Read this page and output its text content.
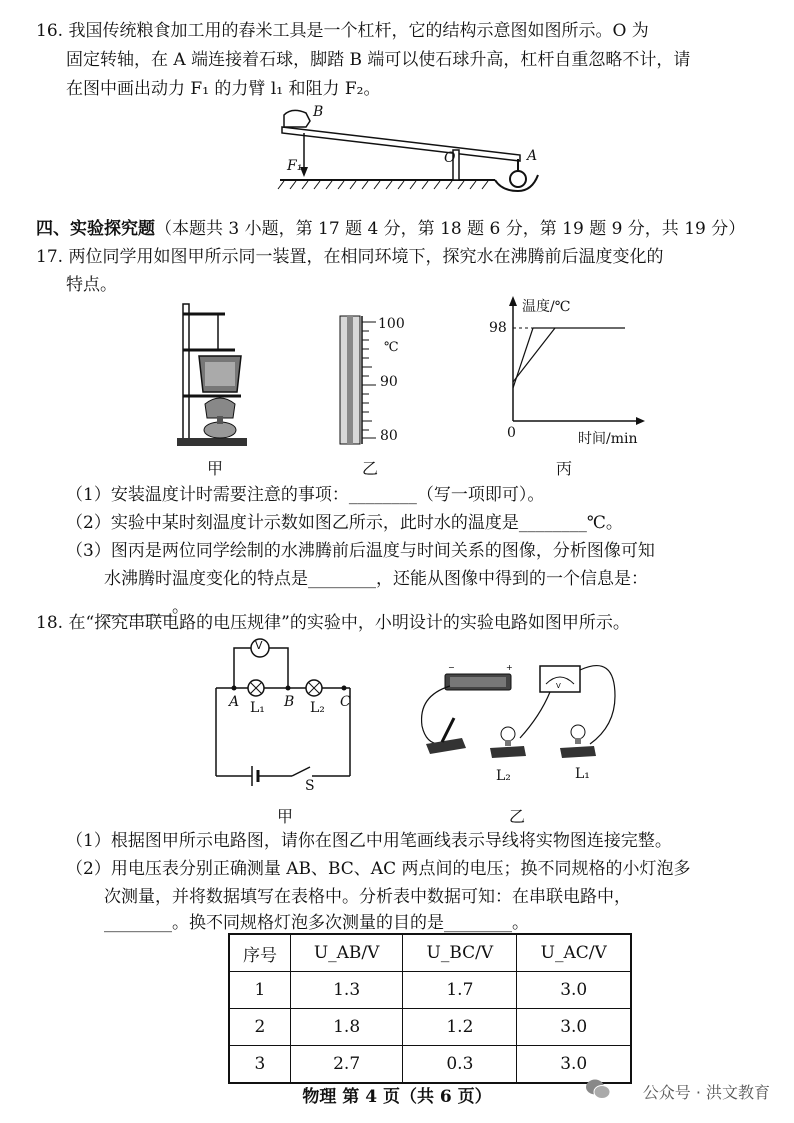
16. 我国传统粮食加工用的舂米工具是一个杠杆，它的结构示意图如图所示。O 为
固定转轴，在 A 端连接着石球，脚踏 B 端可以使石球升高，杠杆自重忽略不计，请
在图中画出动力 F₁ 的力臂 l₁ 和阻力 F₂。
B
O	A
F₁
四、实验探究题（本题共 3 小题，第 17 题 4 分，第 18 题 6 分，第 19 题 9 分，共 19 分）
17. 两位同学用如图甲所示同一装置，在相同环境下，探究水在沸腾前后温度变化的
特点。
100
℃
90
80
温度/℃
98
0	时间/min
甲	乙	丙
（1）安装温度计时需要注意的事项：________（写一项即可）。
（2）实验中某时刻温度计示数如图乙所示，此时水的温度是________℃。
（3）图丙是两位同学绘制的水沸腾前后温度与时间关系的图像，分析图像可知
水沸腾时温度变化的特点是________，还能从图像中得到的一个信息是：
________。
18. 在“探究串联电路的电压规律”的实验中，小明设计的实验电路如图甲所示。
V
A	B	C
L₁	L₂
S
−	+
V
L₂	L₁
甲	乙
（1）根据图甲所示电路图，请你在图乙中用笔画线表示导线将实物图连接完整。
（2）用电压表分别正确测量 AB、BC、AC 两点间的电压；换不同规格的小灯泡多
次测量，并将数据填写在表格中。分析表中数据可知：在串联电路中，
________。换不同规格灯泡多次测量的目的是________。
序号	U_AB/V	U_BC/V	U_AC/V
1	1.3	1.7	3.0
2	1.8	1.2	3.0
3	2.7	0.3	3.0
物理 第 4 页（共 6 页）	公众号 · 洪文教育
